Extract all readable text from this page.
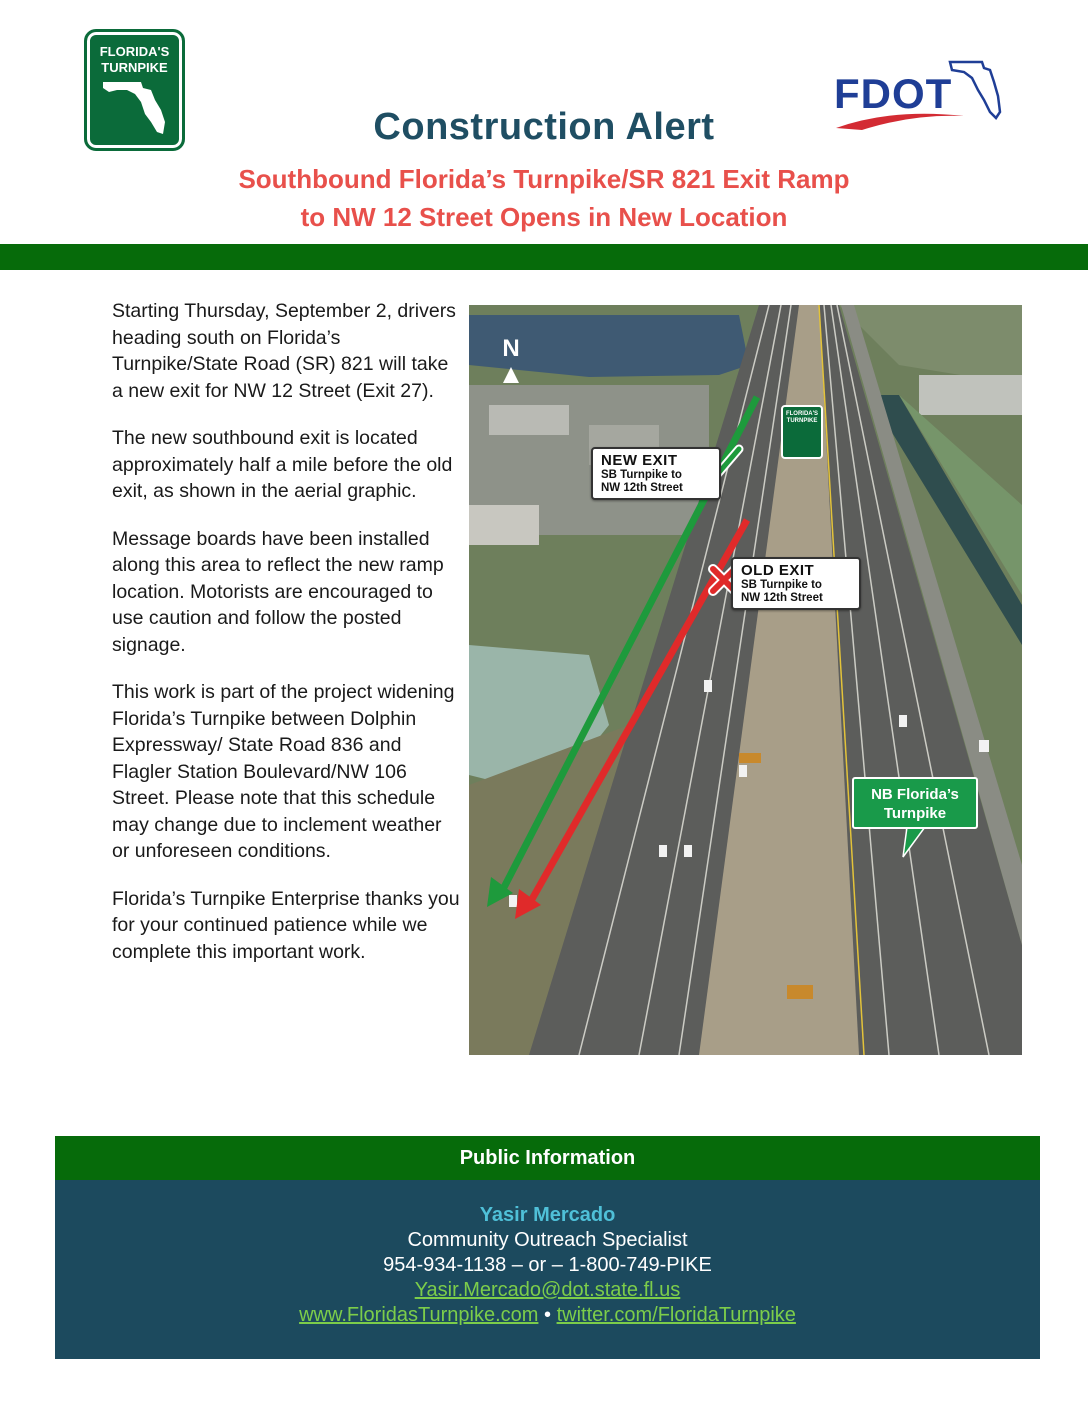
FLORIDA'S
TURNPIKE
FDOT
Construction Alert
Southbound Florida’s Turnpike/SR 821 Exit Ramp
to NW 12 Street Opens in New Location

Starting Thursday, September 2, drivers heading south on Florida’s Turnpike/State Road (SR) 821 will take a new exit for NW 12 Street (Exit 27).

The new southbound exit is located approximately half a mile before the old exit, as shown in the aerial graphic.

Message boards have been installed along this area to reflect the new ramp location. Motorists are encouraged to use caution and follow the posted signage.

This work is part of the project widening Florida’s Turnpike between Dolphin Expressway/ State Road 836 and Flagler Station Boulevard/NW 106 Street. Please note that this schedule may change due to inclement weather or unforeseen conditions.

Florida’s Turnpike Enterprise thanks you for your continued patience while we complete this important work.

N
FLORIDA'S
TURNPIKE
NEW EXIT
SB Turnpike to
NW 12th Street
OLD EXIT
SB Turnpike to
NW 12th Street
NB Florida’s
Turnpike
Public Information
Yasir Mercado
Community Outreach Specialist
954-934-1138 – or – 1-800-749-PIKE
Yasir.Mercado@dot.state.fl.us
www.FloridasTurnpike.com • twitter.com/FloridaTurnpike
